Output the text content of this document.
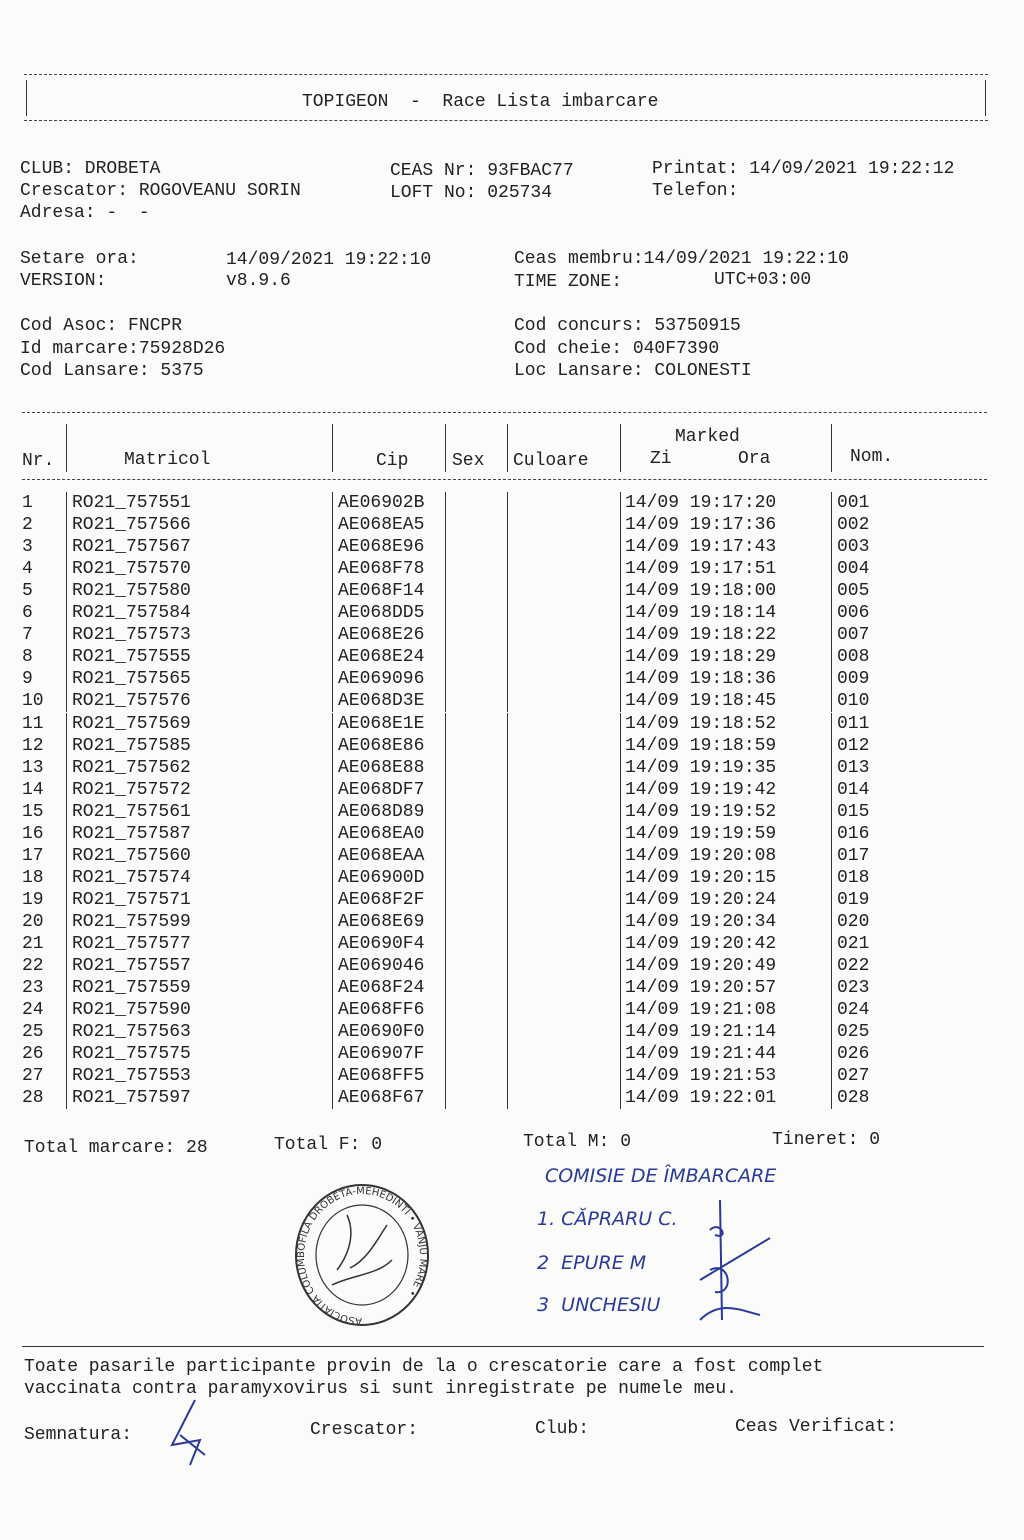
TOPIGEON  -  Race Lista imbarcare
CLUB: DROBETA
Crescator: ROGOVEANU SORIN
Adresa: -  -
CEAS Nr: 93FBAC77
LOFT No: 025734
Printat: 14/09/2021 19:22:12
Telefon:
Setare ora:	14/09/2021 19:22:10
VERSION:	v8.9.6
Ceas membru:14/09/2021 19:22:10
TIME ZONE:	UTC+03:00
Cod Asoc: FNCPR
Id marcare:75928D26
Cod Lansare: 5375
Cod concurs: 53750915
Cod cheie: 040F7390
Loc Lansare: COLONESTI
Nr.	Matricol	Cip Sex Culoare
Marked
Zi	Ora	Nom.
1 RO21_757551	AE06902B	14/09 19:17:20	001
2 RO21_757566	AE068EA5	14/09 19:17:36	002
3 RO21_757567	AE068E96	14/09 19:17:43	003
4 RO21_757570	AE068F78	14/09 19:17:51	004
5 RO21_757580	AE068F14	14/09 19:18:00	005
6 RO21_757584	AE068DD5	14/09 19:18:14	006
7 RO21_757573	AE068E26	14/09 19:18:22	007
8 RO21_757555	AE068E24	14/09 19:18:29	008
9 RO21_757565	AE069096	14/09 19:18:36	009
10 RO21_757576	AE068D3E	14/09 19:18:45	010
11 RO21_757569	AE068E1E	14/09 19:18:52	011
12 RO21_757585	AE068E86	14/09 19:18:59	012
13 RO21_757562	AE068E88	14/09 19:19:35	013
14 RO21_757572	AE068DF7	14/09 19:19:42	014
15 RO21_757561	AE068D89	14/09 19:19:52	015
16 RO21_757587	AE068EA0	14/09 19:19:59	016
17 RO21_757560	AE068EAA	14/09 19:20:08	017
18 RO21_757574	AE06900D	14/09 19:20:15	018
19 RO21_757571	AE068F2F	14/09 19:20:24	019
20 RO21_757599	AE068E69	14/09 19:20:34	020
21 RO21_757577	AE0690F4	14/09 19:20:42	021
22 RO21_757557	AE069046	14/09 19:20:49	022
23 RO21_757559	AE068F24	14/09 19:20:57	023
24 RO21_757590	AE068FF6	14/09 19:21:08	024
25 RO21_757563	AE0690F0	14/09 19:21:14	025
26 RO21_757575	AE06907F	14/09 19:21:44	026
27 RO21_757553	AE068FF5	14/09 19:21:53	027
28 RO21_757597	AE068F67	14/09 19:22:01	028
Total marcare: 28	Total F: 0	Total M: 0	Tineret: 0
ASOCIATIA COLUMBOFILĂ DROBETA-MEHEDINTI • VÂNJU MARE •
COMISIE DE ÎMBARCARE
1. CĂPRARU C.
2  EPURE M
3  UNCHESIU
Toate pasarile participante provin de la o crescatorie care a fost complet
vaccinata contra paramyxovirus si sunt inregistrate pe numele meu.
Semnatura:	Crescator:	Club:	Ceas Verificat:
